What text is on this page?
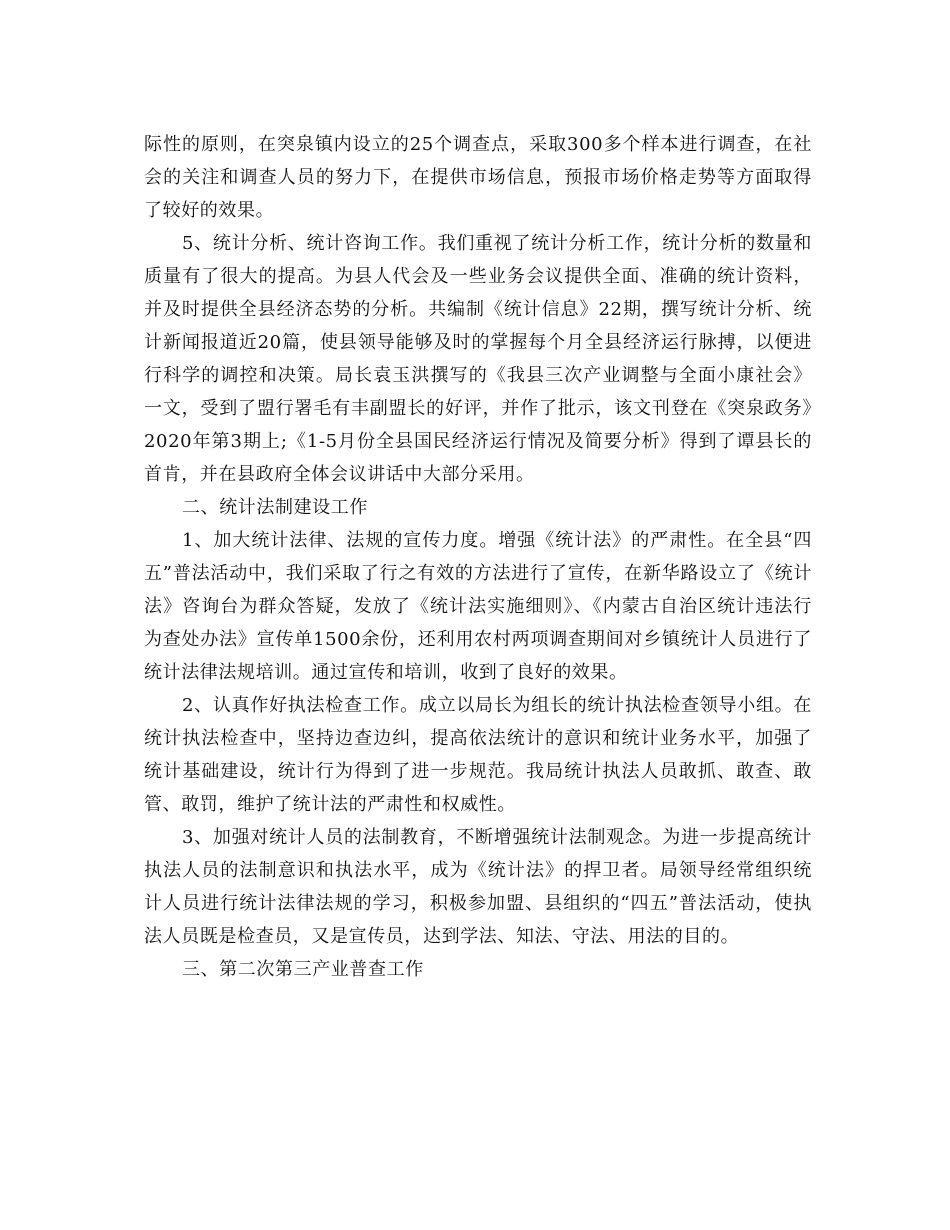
际性的原则，在突泉镇内设立的25个调查点，采取300多个样本进行调查，在社会的关注和调查人员的努力下，在提供市场信息，预报市场价格走势等方面取得了较好的效果。

5、统计分析、统计咨询工作。我们重视了统计分析工作，统计分析的数量和质量有了很大的提高。为县人代会及一些业务会议提供全面、准确的统计资料，并及时提供全县经济态势的分析。共编制《统计信息》22期，撰写统计分析、统计新闻报道近20篇，使县领导能够及时的掌握每个月全县经济运行脉搏，以便进行科学的调控和决策。局长袁玉洪撰写的《我县三次产业调整与全面小康社会》一文，受到了盟行署毛有丰副盟长的好评，并作了批示，该文刊登在《突泉政务》2020年第3期上;《1-5月份全县国民经济运行情况及简要分析》得到了谭县长的首肯，并在县政府全体会议讲话中大部分采用。

二、统计法制建设工作

1、加大统计法律、法规的宣传力度。增强《统计法》的严肃性。在全县“四五”普法活动中，我们采取了行之有效的方法进行了宣传，在新华路设立了《统计法》咨询台为群众答疑，发放了《统计法实施细则》、《内蒙古自治区统计违法行为查处办法》宣传单1500余份，还利用农村两项调查期间对乡镇统计人员进行了统计法律法规培训。通过宣传和培训，收到了良好的效果。

2、认真作好执法检查工作。成立以局长为组长的统计执法检查领导小组。在统计执法检查中，坚持边查边纠，提高依法统计的意识和统计业务水平，加强了统计基础建设，统计行为得到了进一步规范。我局统计执法人员敢抓、敢查、敢管、敢罚，维护了统计法的严肃性和权威性。

3、加强对统计人员的法制教育，不断增强统计法制观念。为进一步提高统计执法人员的法制意识和执法水平，成为《统计法》的捍卫者。局领导经常组织统计人员进行统计法律法规的学习，积极参加盟、县组织的“四五”普法活动，使执法人员既是检查员，又是宣传员，达到学法、知法、守法、用法的目的。

三、第二次第三产业普查工作
